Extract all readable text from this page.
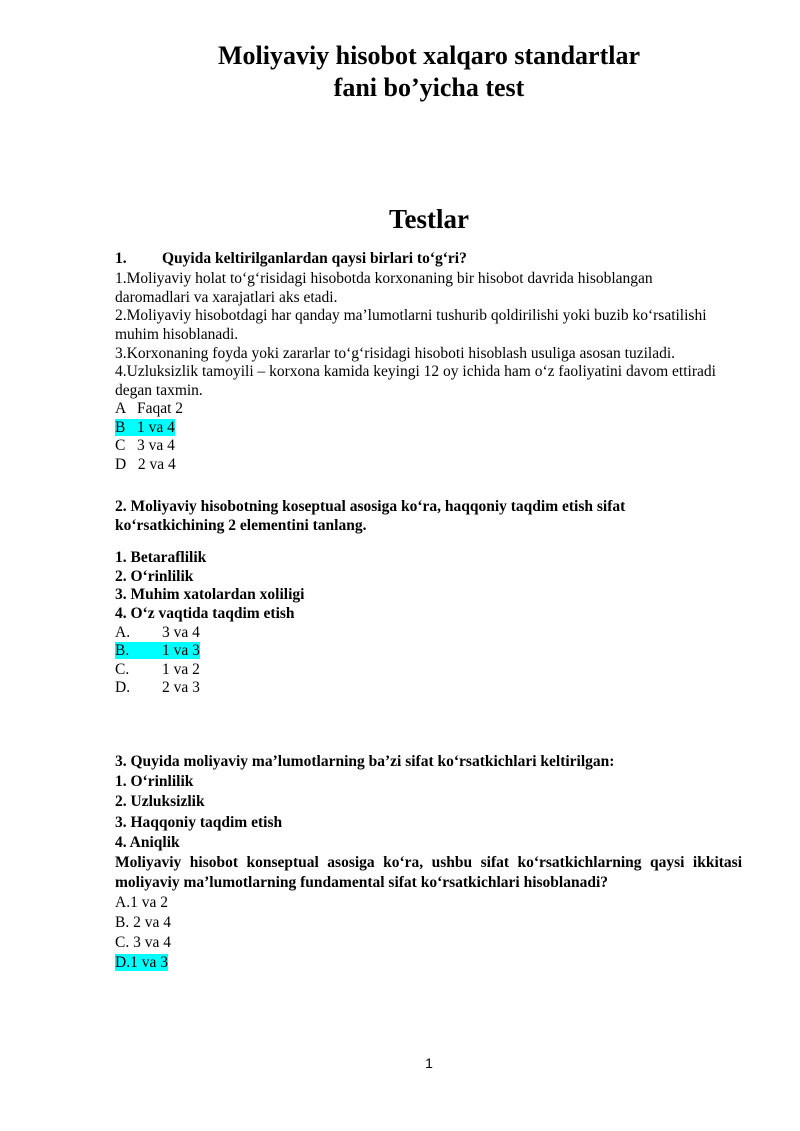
Moliyaviy hisobot xalqaro standartlar
fani bo’yicha test
Testlar
1. Quyida keltirilganlardan qaysi birlari to‘g‘ri?
1.Moliyaviy holat to‘g‘risidagi hisobotda korxonaning bir hisobot davrida hisoblangan
daromadlari va xarajatlari aks etadi.
2.Moliyaviy hisobotdagi har qanday ma’lumotlarni tushurib qoldirilishi yoki buzib ko‘rsatilishi
muhim hisoblanadi.
3.Korxonaning foyda yoki zararlar to‘g‘risidagi hisoboti hisoblash usuliga asosan tuziladi.
4.Uzluksizlik tamoyili – korxona kamida keyingi 12 oy ichida ham o‘z faoliyatini davom ettiradi
degan taxmin.
A   Faqat 2
B   1 va 4
C   3 va 4
D   2 va 4
2. Moliyaviy hisobotning koseptual asosiga ko‘ra, haqqoniy taqdim etish sifat
ko‘rsatkichining 2 elementini tanlang.
1. Betaraflilik
2. O‘rinlilik
3. Muhim xatolardan xoliligi
4. O‘z vaqtida taqdim etish
A. 3 va 4
B. 1 va 3
C. 1 va 2
D. 2 va 3
3. Quyida moliyaviy ma’lumotlarning ba’zi sifat ko‘rsatkichlari keltirilgan:
1. O‘rinlilik
2. Uzluksizlik
3. Haqqoniy taqdim etish
4. Aniqlik
Moliyaviy hisobot konseptual asosiga ko‘ra, ushbu sifat ko‘rsatkichlarning qaysi ikkitasi
moliyaviy ma’lumotlarning fundamental sifat ko‘rsatkichlari hisoblanadi?
A.1 va 2
B. 2 va 4
C. 3 va 4
D.1 va 3
1
